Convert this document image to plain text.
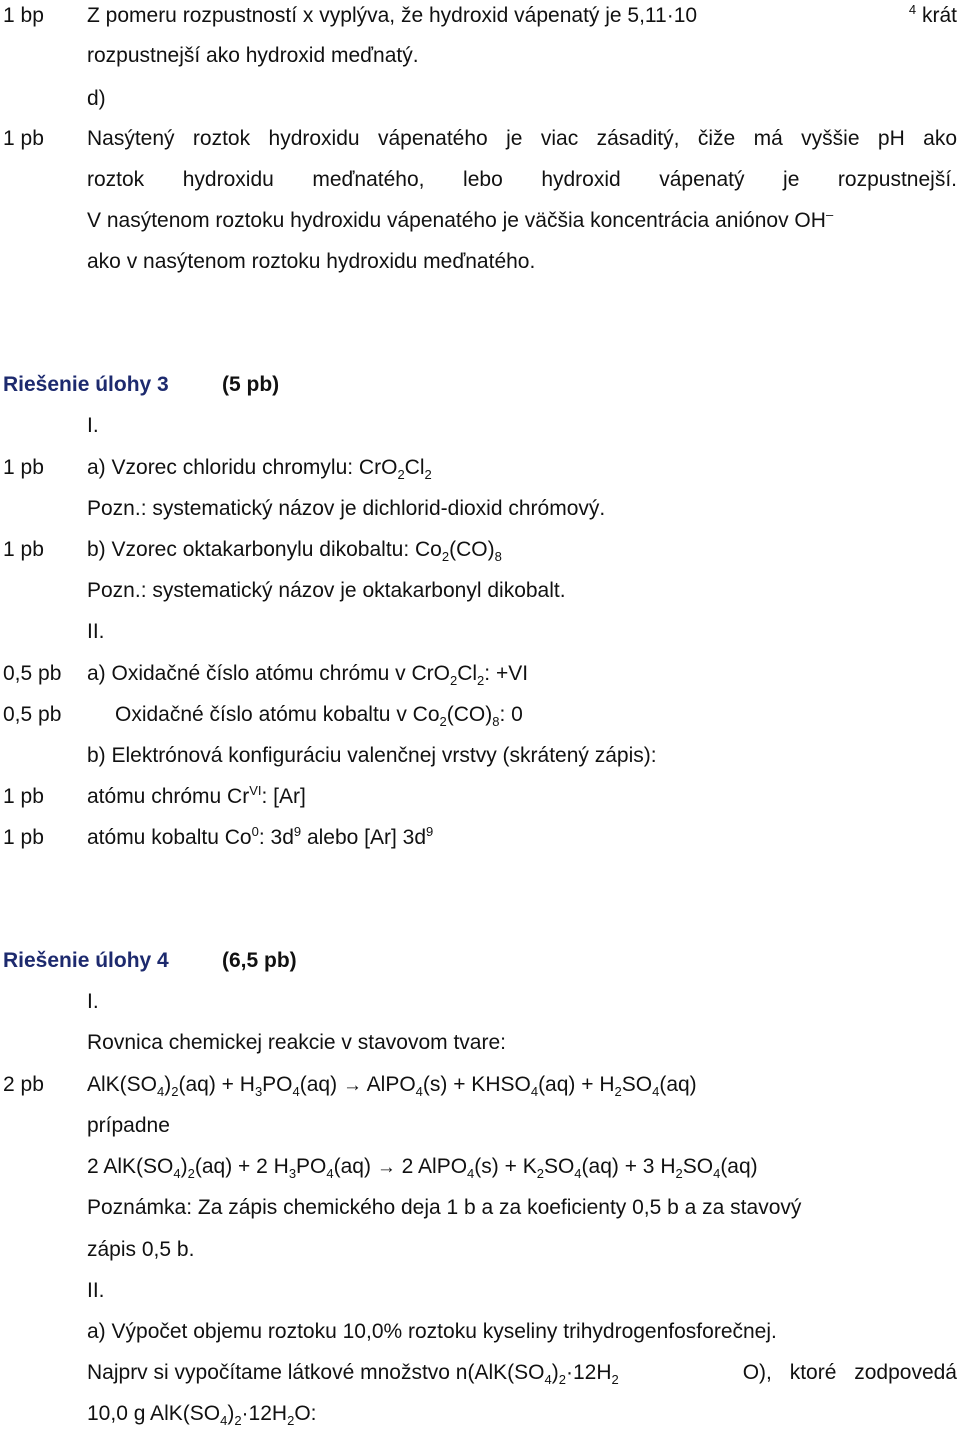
1 bp Z pomeru rozpustností x vyplýva, že hydroxid vápenatý je 5,11·10	$^4$ krát
rozpustnejší ako hydroxid meďnatý.
d)
1 pb Nasýtený roztok hydroxidu vápenatého je viac zásaditý, čiže má vyššie pH ako
roztok hydroxidu meďnatého, lebo hydroxid vápenatý je rozpustnejší.
V nasýtenom roztoku hydroxidu vápenatého je väčšia koncentrácia aniónov OH–
ako v nasýtenom roztoku hydroxidu meďnatého.
Riešenie úlohy 3	(5 pb)
I.
1 pb a) Vzorec chloridu chromylu: $CrO_2Cl_2$
Pozn.: systematický názov je dichlorid-dioxid chrómový.
1 pb b) Vzorec oktakarbonylu dikobaltu: $Co_2(CO)_8$
Pozn.: systematický názov je oktakarbonyl dikobalt.
II.
0,5 pb a) Oxidačné číslo atómu chrómu v $CrO_2Cl_2$: +VI
0,5 pb	Oxidačné číslo atómu kobaltu v $Co_2(CO)_8$: 0
b) Elektrónová konfiguráciu valenčnej vrstvy (skrátený zápis):
1 pb atómu chrómu $Cr^{VI}$: [Ar]
1 pb atómu kobaltu Co$^0$: $3d^9$ alebo [Ar] $3d^9$
Riešenie úlohy 4	(6,5 pb)
I.
Rovnica chemickej reakcie v stavovom tvare:
2 pb $AlK(SO_4)_2(aq) + H_3PO_4(aq)$ → AlPO$_4$(s) + $KHSO_4(aq) + H_2SO_4(aq)$
prípadne
2 $AlK(SO_4)_2(aq) + 2$ $H_3PO_4(aq) \to 2$ AlPO$_4$(s) + $K_2SO_4(aq) + 3$ $H_2SO_4(aq)$
Poznámka: Za zápis chemického deja 1 b a za koeficienty 0,5 b a za stavový
zápis 0,5 b.
II.
a) Výpočet objemu roztoku 10,0% roztoku kyseliny trihydrogenfosforečnej.
Najprv si vypočítame látkové množstvo $n(AlK(SO_4)_2\cdot 12H_2$	O), ktoré zodpovedá
10,0 g $AlK(SO_4)_2\cdot 12H_2O$:
